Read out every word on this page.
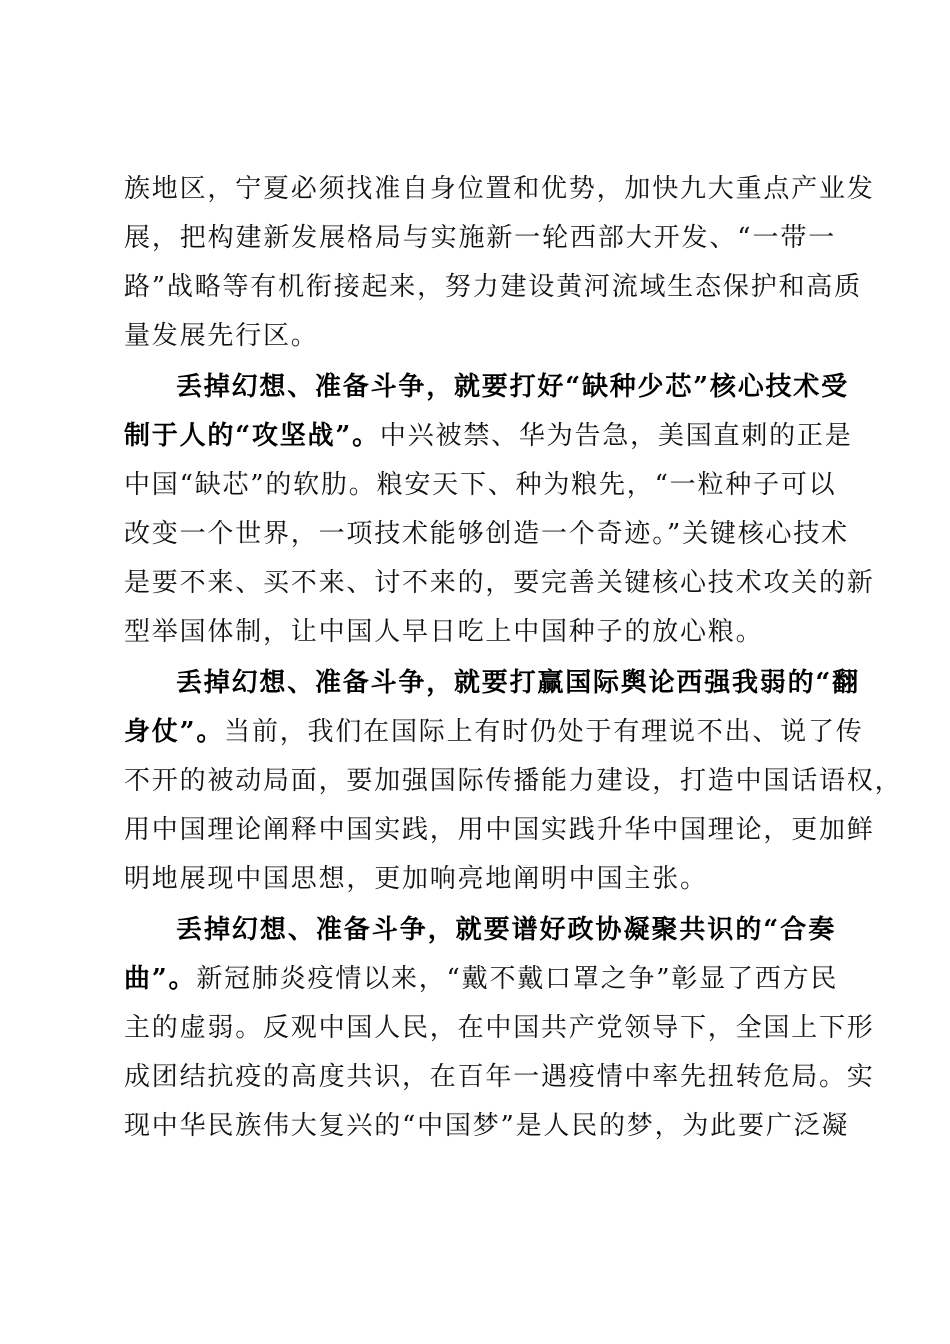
族地区，宁夏必须找准自身位置和优势，加快九大重点产业发
展，把构建新发展格局与实施新一轮西部大开发、“一带一
路”战略等有机衔接起来，努力建设黄河流域生态保护和高质
量发展先行区。
丢掉幻想、准备斗争，就要打好“缺种少芯”核心技术受
制于人的“攻坚战”。中兴被禁、华为告急，美国直刺的正是
中国“缺芯”的软肋。粮安天下、种为粮先，“一粒种子可以
改变一个世界，一项技术能够创造一个奇迹。”关键核心技术
是要不来、买不来、讨不来的，要完善关键核心技术攻关的新
型举国体制，让中国人早日吃上中国种子的放心粮。
丢掉幻想、准备斗争，就要打赢国际舆论西强我弱的“翻
身仗”。当前，我们在国际上有时仍处于有理说不出、说了传
不开的被动局面，要加强国际传播能力建设，打造中国话语权，
用中国理论阐释中国实践，用中国实践升华中国理论，更加鲜
明地展现中国思想，更加响亮地阐明中国主张。
丢掉幻想、准备斗争，就要谱好政协凝聚共识的“合奏
曲”。新冠肺炎疫情以来，“戴不戴口罩之争”彰显了西方民
主的虚弱。反观中国人民，在中国共产党领导下，全国上下形
成团结抗疫的高度共识，在百年一遇疫情中率先扭转危局。实
现中华民族伟大复兴的“中国梦”是人民的梦，为此要广泛凝
